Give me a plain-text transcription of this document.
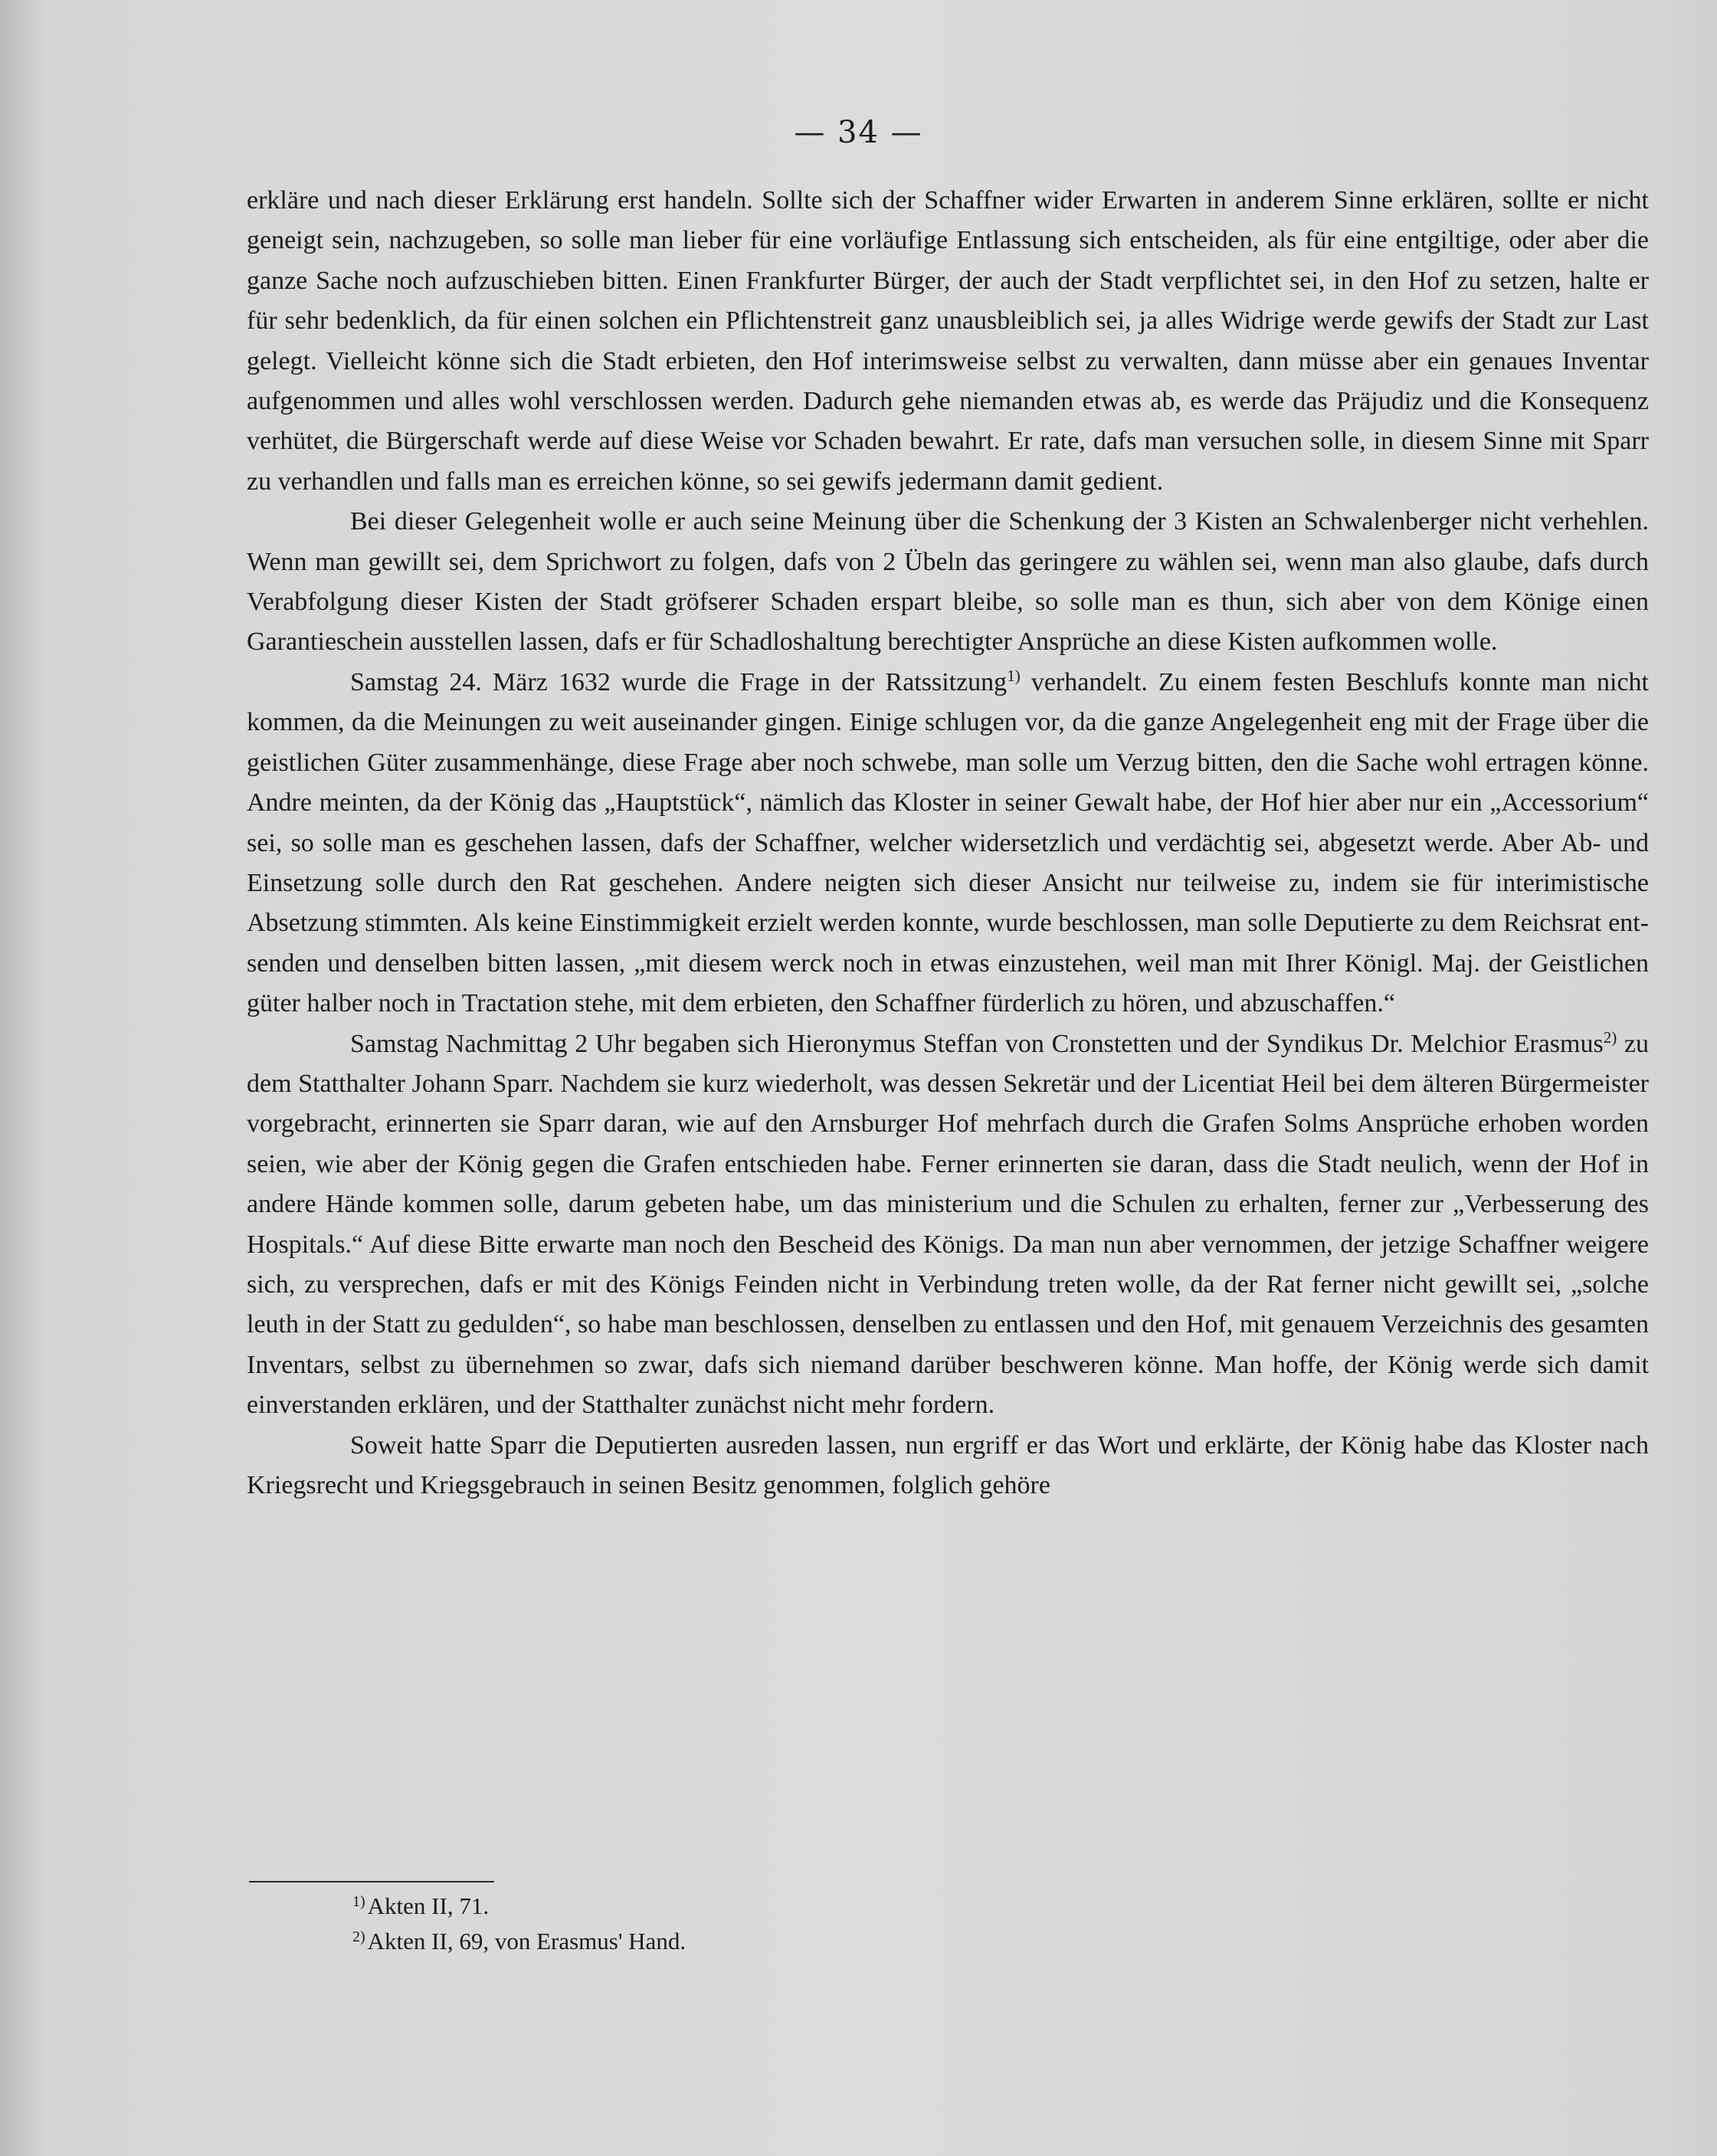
— 34 —

erkläre und nach dieser Erklärung erst handeln. Sollte sich der Schaffner wider Erwarten in anderem Sinne erklären, sollte er nicht geneigt sein, nachzugeben, so solle man lieber für eine vorläufige Entlassung sich entscheiden, als für eine entgiltige, oder aber die ganze Sache noch aufzuschieben bitten. Einen Frankfurter Bürger, der auch der Stadt verpflichtet sei, in den Hof zu setzen, halte er für sehr bedenklich, da für einen solchen ein Pflichtenstreit ganz unausbleiblich sei, ja alles Widrige werde gewifs der Stadt zur Last gelegt. Vielleicht könne sich die Stadt erbieten, den Hof interimsweise selbst zu verwalten, dann müsse aber ein genaues Inventar aufgenommen und alles wohl verschlossen werden. Dadurch gehe niemanden etwas ab, es werde das Präjudiz und die Konsequenz verhütet, die Bürgerschaft werde auf diese Weise vor Schaden bewahrt. Er rate, dafs man versuchen solle, in diesem Sinne mit Sparr zu verhandlen und falls man es erreichen könne, so sei gewifs jedermann damit gedient.

Bei dieser Gelegenheit wolle er auch seine Meinung über die Schenkung der 3 Kisten an Schwalenberger nicht verhehlen. Wenn man gewillt sei, dem Sprichwort zu folgen, dafs von 2 Übeln das geringere zu wählen sei, wenn man also glaube, dafs durch Verabfolgung dieser Kisten der Stadt gröfserer Schaden erspart bleibe, so solle man es thun, sich aber von dem Könige einen Garantieschein ausstellen lassen, dafs er für Schadloshaltung berechtigter Ansprüche an diese Kisten aufkommen wolle.

Samstag 24. März 1632 wurde die Frage in der Ratssitzung$^{1)}$ verhandelt. Zu einem festen Beschlufs konnte man nicht kommen, da die Meinungen zu weit auseinander gingen. Einige schlugen vor, da die ganze Angelegenheit eng mit der Frage über die geistlichen Güter zusammenhänge, diese Frage aber noch schwebe, man solle um Verzug bitten, den die Sache wohl ertragen könne. Andre meinten, da der König das „Hauptstück“, nämlich das Kloster in seiner Gewalt habe, der Hof hier aber nur ein „Accessorium“ sei, so solle man es geschehen lassen, dafs der Schaffner, welcher widersetzlich und verdächtig sei, abgesetzt werde. Aber Ab- und Einsetzung solle durch den Rat geschehen. Andere neigten sich dieser Ansicht nur teilweise zu, indem sie für interimistische Absetzung stimmten. Als keine Einstimmigkeit erzielt werden konnte, wurde beschlossen, man solle Deputierte zu dem Reichsrat entsenden und denselben bitten lassen, „mit diesem werck noch in etwas einzustehen, weil man mit Ihrer Königl. Maj. der Geistlichen güter halber noch in Tractation stehe, mit dem erbieten, den Schaffner fürderlich zu hören, und abzuschaffen.“

Samstag Nachmittag 2 Uhr begaben sich Hieronymus Steffan von Cronstetten und der Syndikus Dr. Melchior Erasmus$^{2)}$ zu dem Statthalter Johann Sparr. Nachdem sie kurz wiederholt, was dessen Sekretär und der Licentiat Heil bei dem älteren Bürgermeister vorgebracht, erinnerten sie Sparr daran, wie auf den Arnsburger Hof mehrfach durch die Grafen Solms Ansprüche erhoben worden seien, wie aber der König gegen die Grafen entschieden habe. Ferner erinnerten sie daran, dass die Stadt neulich, wenn der Hof in andere Hände kommen solle, darum gebeten habe, um das ministerium und die Schulen zu erhalten, ferner zur „Verbesserung des Hospitals.“ Auf diese Bitte erwarte man noch den Bescheid des Königs. Da man nun aber vernommen, der jetzige Schaffner weigere sich, zu versprechen, dafs er mit des Königs Feinden nicht in Verbindung treten wolle, da der Rat ferner nicht gewillt sei, „solche leuth in der Statt zu gedulden“, so habe man beschlossen, denselben zu entlassen und den Hof, mit genauem Verzeichnis des gesamten Inventars, selbst zu übernehmen so zwar, dafs sich niemand darüber beschweren könne. Man hoffe, der König werde sich damit einverstanden erklären, und der Statthalter zunächst nicht mehr fordern.

Soweit hatte Sparr die Deputierten ausreden lassen, nun ergriff er das Wort und erklärte, der König habe das Kloster nach Kriegsrecht und Kriegsgebrauch in seinen Besitz genommen, folglich gehöre

$^{1)}$Akten II, 71.
$^{2)}$Akten II, 69, von Erasmus' Hand.
